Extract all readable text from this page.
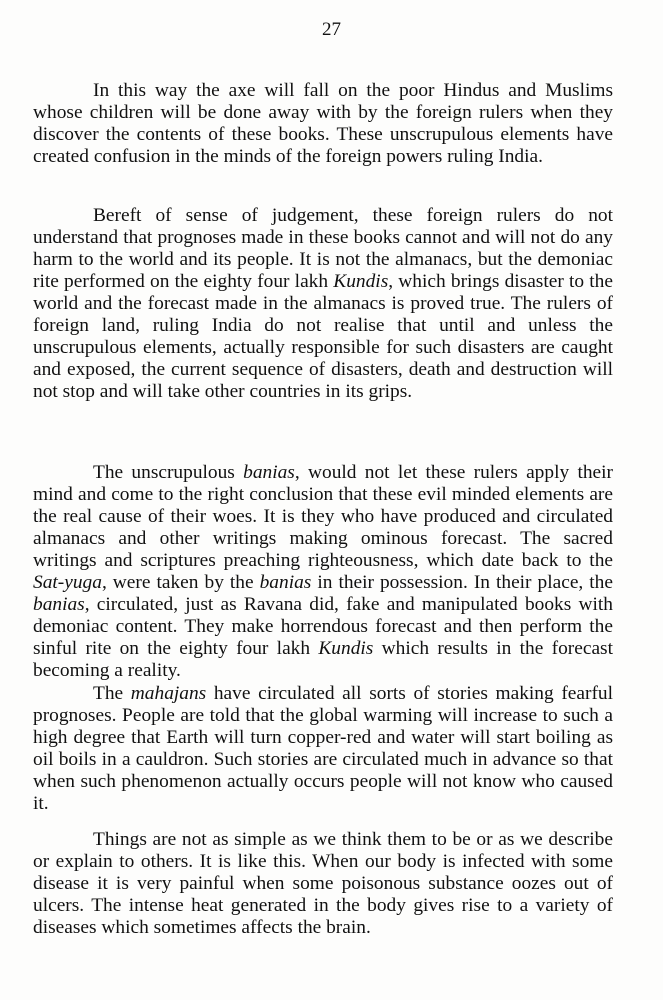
27

In this way the axe will fall on the poor Hindus and Muslims whose children will be done away with by the foreign rulers when they discover the contents of these books. These unscrupulous elements have created confusion in the minds of the foreign powers ruling India.

Bereft of sense of judgement, these foreign rulers do not understand that prognoses made in these books cannot and will not do any harm to the world and its people. It is not the almanacs, but the demoniac rite performed on the eighty four lakh Kundis, which brings disaster to the world and the forecast made in the almanacs is proved true. The rulers of foreign land, ruling India do not realise that until and unless the unscrupulous elements, actually responsible for such disasters are caught and exposed, the current sequence of disasters, death and destruction will not stop and will take other countries in its grips.

The unscrupulous banias, would not let these rulers apply their mind and come to the right conclusion that these evil minded elements are the real cause of their woes. It is they who have produced and circulated almanacs and other writings making ominous forecast. The sacred writings and scriptures preaching righteousness, which date back to the Sat-yuga, were taken by the banias in their possession. In their place, the banias, circulated, just as Ravana did, fake and manipulated books with demoniac content. They make horrendous forecast and then perform the sinful rite on the eighty four lakh Kundis which results in the forecast becoming a reality.

The mahajans have circulated all sorts of stories making fearful prognoses. People are told that the global warming will increase to such a high degree that Earth will turn copper-red and water will start boiling as oil boils in a cauldron. Such stories are circulated much in advance so that when such phenomenon actually occurs people will not know who caused it.

Things are not as simple as we think them to be or as we describe or explain to others. It is like this. When our body is infected with some disease it is very painful when some poisonous substance oozes out of ulcers. The intense heat generated in the body gives rise to a variety of diseases which sometimes affects the brain.
